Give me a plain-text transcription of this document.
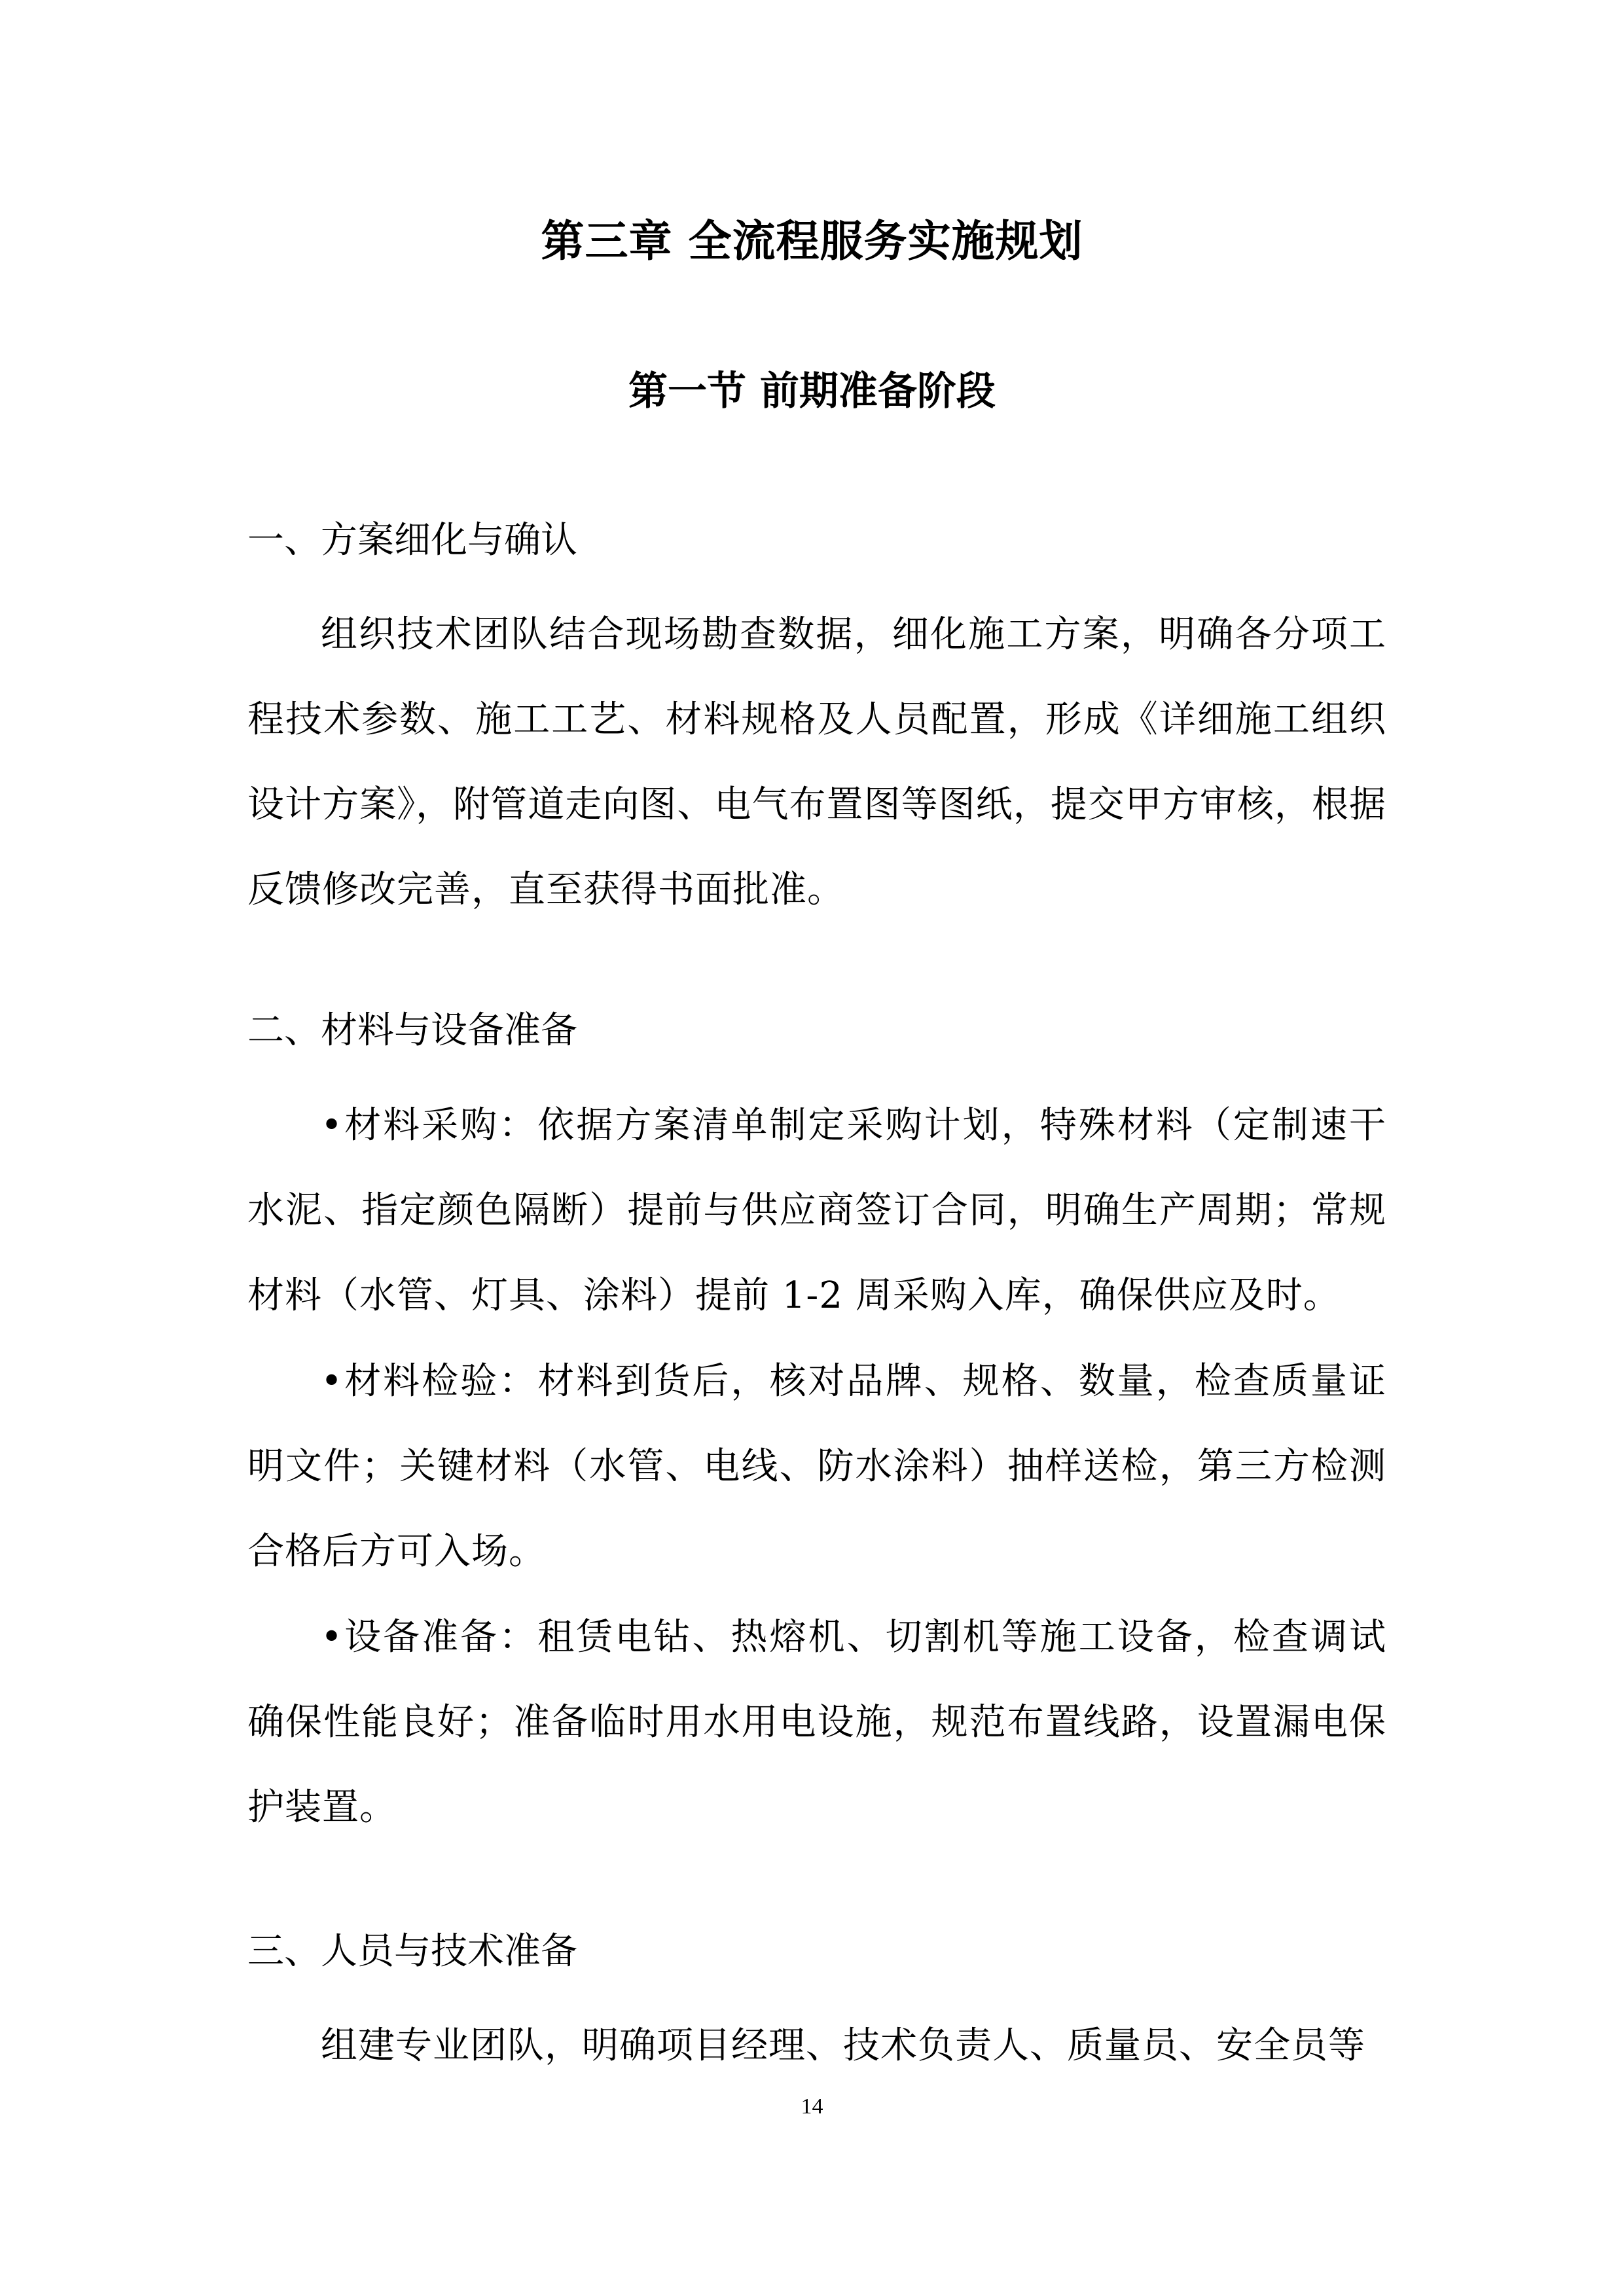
第三章 全流程服务实施规划
第一节 前期准备阶段
一、方案细化与确认
组织技术团队结合现场勘查数据，细化施工方案，明确各分项工程技术参数、施工工艺、材料规格及人员配置，形成《详细施工组织设计方案》，附管道走向图、电气布置图等图纸，提交甲方审核，根据反馈修改完善，直至获得书面批准。
二、材料与设备准备
•材料采购：依据方案清单制定采购计划，特殊材料（定制速干水泥、指定颜色隔断）提前与供应商签订合同，明确生产周期；常规材料（水管、灯具、涂料）提前 1-2 周采购入库，确保供应及时。
•材料检验：材料到货后，核对品牌、规格、数量，检查质量证明文件；关键材料（水管、电线、防水涂料）抽样送检，第三方检测合格后方可入场。
•设备准备：租赁电钻、热熔机、切割机等施工设备，检查调试确保性能良好；准备临时用水用电设施，规范布置线路，设置漏电保护装置。
三、人员与技术准备
组建专业团队，明确项目经理、技术负责人、质量员、安全员等
14
